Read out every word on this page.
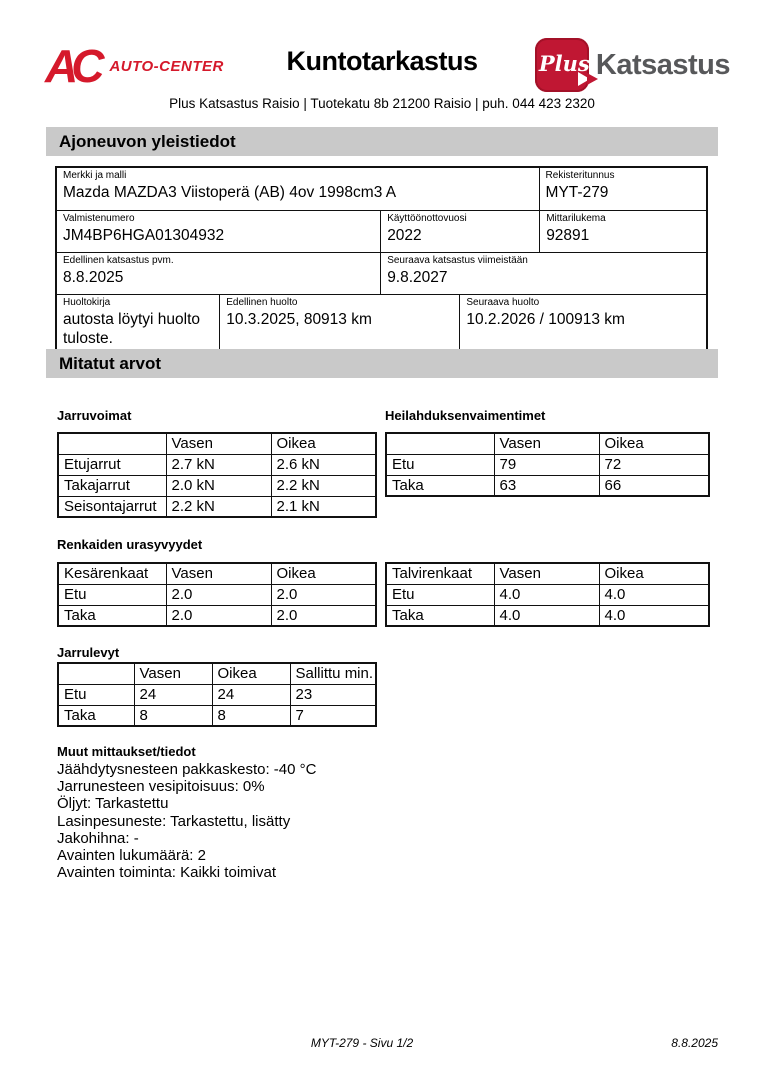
AC AUTO-CENTER	Kuntotarkastus	Plus Katsastus
Plus Katsastus Raisio | Tuotekatu 8b 21200 Raisio | puh. 044 423 2320
Ajoneuvon yleistiedot
Merkki ja malli
Mazda MAZDA3 Viistoperä (AB) 4ov 1998cm3 A
Rekisteritunnus
MYT-279
Valmistenumero
JM4BP6HGA01304932
Käyttöönottovuosi
2022
Mittarilukema
92891
Edellinen katsastus pvm.
8.8.2025
Seuraava katsastus viimeistään
9.8.2027
Huoltokirja
autosta löytyi huolto tuloste.
Edellinen huolto
10.3.2025, 80913 km
Seuraava huolto
10.2.2026 / 100913 km
Mitatut arvot
Jarruvoimat
	Vasen	Oikea
Etujarrut	2.7 kN	2.6 kN
Takajarrut	2.0 kN	2.2 kN
Seisontajarrut	2.2 kN	2.1 kN
Heilahduksenvaimentimet
	Vasen	Oikea
Etu	79	72
Taka	63	66
Renkaiden urasyvyydet
Kesärenkaat	Vasen	Oikea
Etu	2.0	2.0
Taka	2.0	2.0
Talvirenkaat	Vasen	Oikea
Etu	4.0	4.0
Taka	4.0	4.0
Jarrulevyt
	Vasen	Oikea	Sallittu min.
Etu	24	24	23
Taka	8	8	7
Muut mittaukset/tiedot
Jäähdytysnesteen pakkaskesto: -40 °C
Jarrunesteen vesipitoisuus: 0%
Öljyt: Tarkastettu
Lasinpesuneste: Tarkastettu, lisätty
Jakohihna: -
Avainten lukumäärä: 2
Avainten toiminta: Kaikki toimivat
MYT-279 - Sivu 1/2	8.8.2025
